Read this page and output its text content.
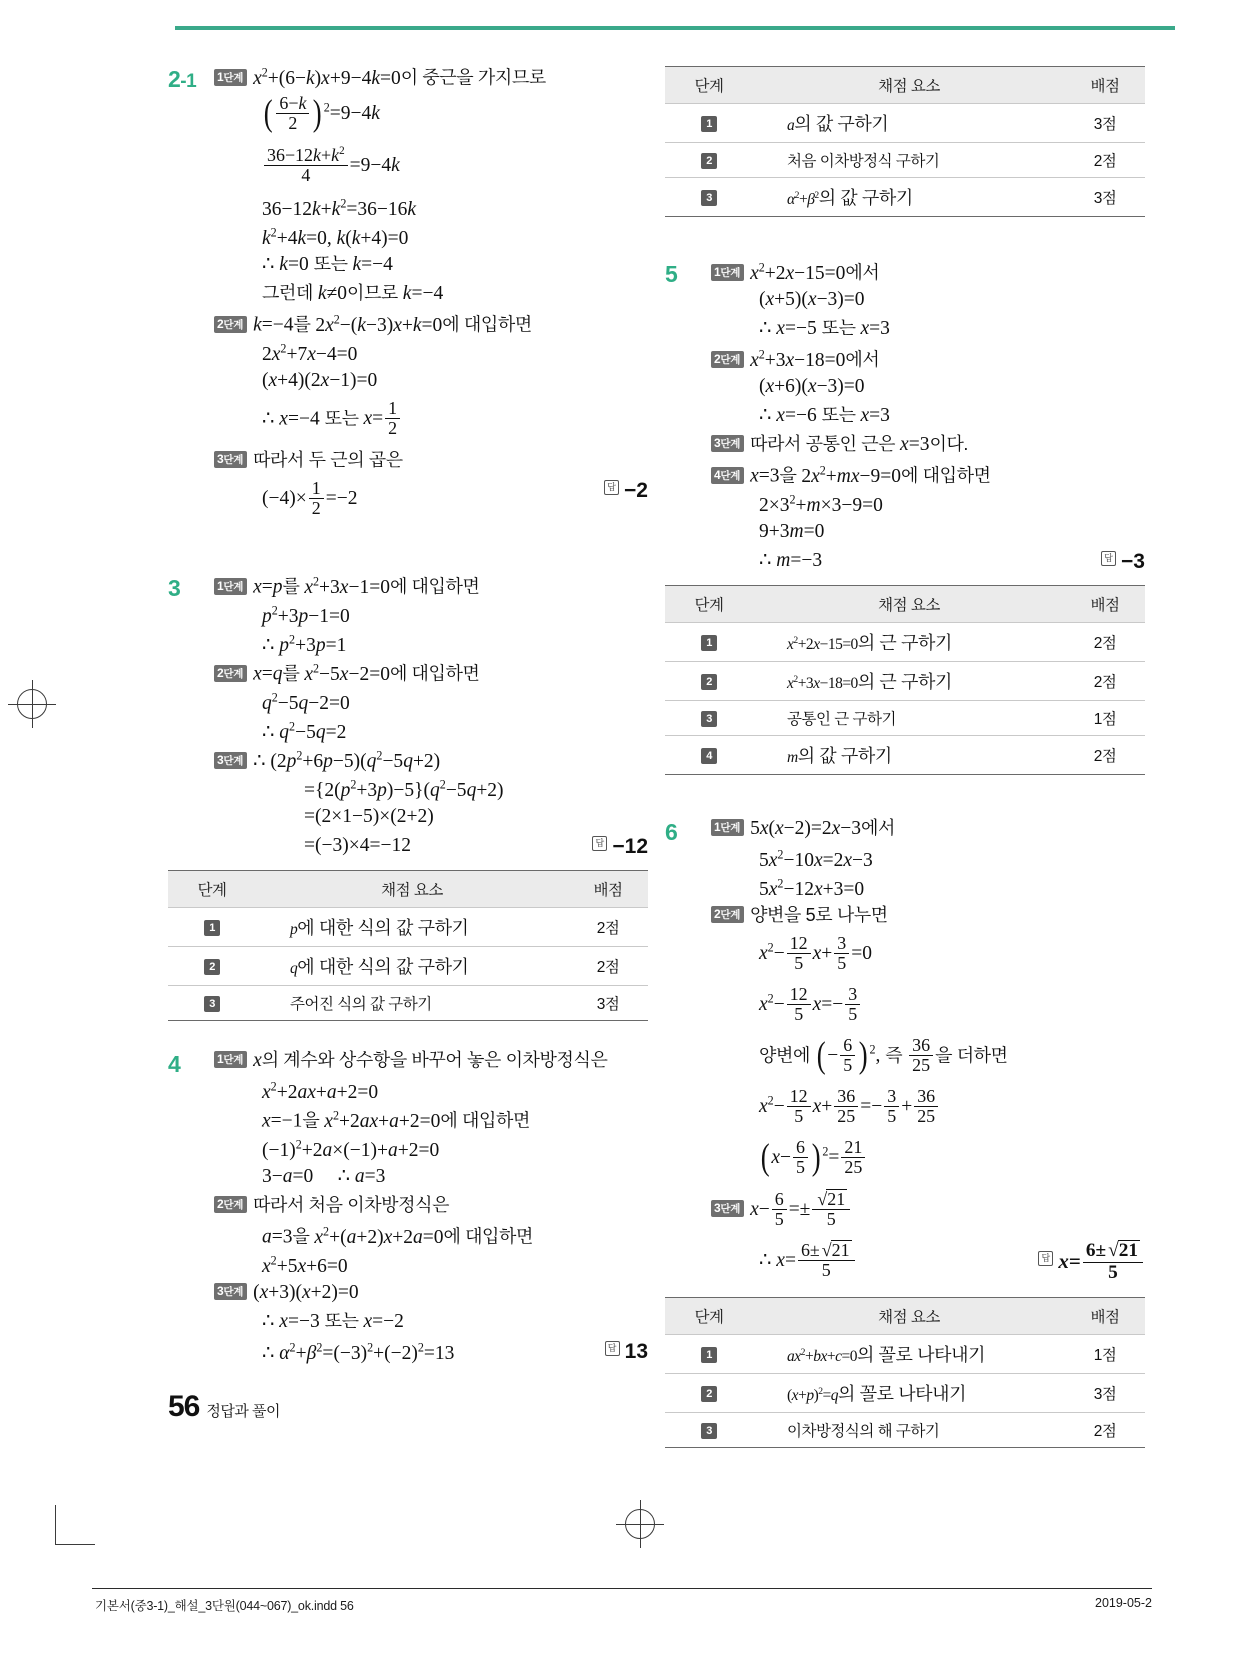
기본서(중3-1)_해설_3단원(044~067)_ok.indd 56	2019-05-2
56 정답과 풀이
2-1 1단계 $x^2+(6-k)x+9-4k=0$이 중근을 가지므로
( $\frac{6-k}{2}$ ) $^2$=9−4k
$\frac{36-12k+k^2}{4} =9-4k$
$36-12k+k^2=36-16k$
$k^2+4k=0$, k(k+4)=0
∴ k=0 또는 k=−4
그런데 k≠0이므로 k=−4
2단계 k=−4를 $2x^2-(k-3)x+k=0$에 대입하면
$2x^2+7x-4=0$
(x+4)(2x−1)=0
∴ x=−4 또는 $x= \frac{1}{2}$
3단계 따라서 두 근의 곱은
$(-4)\times \frac{1}{2} =-2$
답 −2
3	1단계 x=p를 $x^2+3x-1=0$에 대입하면
$p^2+3p-1=0$
∴ $p^2+3p=1$
2단계 x=q를 $x^2-5x-2=0$에 대입하면
$q^2-5q-2=0$
∴ $q^2-5q=2$
3단계 ∴ $(2p^2+6p-5)(q^2-5q+2)$
$=\{2(p^2+3p)-5\}(q^2-5q+2)$
=(2×1−5)×(2+2)
=(−3)×4=−12	답 −12
단계	채점 요소	배점
1	p에 대한 식의 값 구하기	2점
2	q에 대한 식의 값 구하기	2점
3	주어진 식의 값 구하기	3점
4	1단계 x의 계수와 상수항을 바꾸어 놓은 이차방정식은
$x^2+2ax+a+2=0$
x=−1을 $x^2+2ax+a+2=0$에 대입하면
$(-1)^2+2a\times(-1)+a+2=0$
3−a=0     ∴ a=3
2단계 따라서 처음 이차방정식은
a=3을 $x^2+(a+2)x+2a=0$에 대입하면
$x^2+5x+6=0$
3단계 (x+3)(x+2)=0
∴ x=−3 또는 x=−2
∴ $\alpha^2+\beta^2=(-3)^2+(-2)^2=13$	답 13
단계	채점 요소	배점
1	a의 값 구하기	3점
2	처음 이차방정식 구하기	2점
3	$\alpha^2+\beta^2$의 값 구하기	3점
5	1단계 $x^2+2x-15=0$에서
(x+5)(x−3)=0
∴ x=−5 또는 x=3
2단계 $x^2+3x-18=0$에서
(x+6)(x−3)=0
∴ x=−6 또는 x=3
3단계 따라서 공통인 근은 x=3이다.
4단계 x=3을 $2x^2+mx-9=0$에 대입하면
$2\times 3^2+m\times 3-9=0$
9+3m=0
∴ m=−3	답 −3
단계	채점 요소	배점
1	$x^2+2x-15=0$의 근 구하기	2점
2	$x^2+3x-18=0$의 근 구하기	2점
3	공통인 근 구하기	1점
4	m의 값 구하기	2점
6	1단계 5x(x−2)=2x−3에서
$5x^2-10x=2x-3$
$5x^2-12x+3=0$
2단계 양변을 5로 나누면
$x^2- \frac{12}{5} x+ \frac{3}{5} =0$
$x^2- \frac{12}{5} x=- \frac{3}{5}$
양변에 (− $\frac{6}{5}$ ) $^2$, 즉 $\frac{36}{25}$ 을 더하면
$x^2- \frac{12}{5} x+ \frac{36}{25} =- \frac{3}{5} + \frac{36}{25}$
($x- \frac{6}{5}$ ) $^2= \frac{21}{25}$
3단계 $x- \frac{6}{5} =\pm \frac{√21}{5}$
∴ $x= \frac{6\pm √21}{5}$	답 $x= \frac{6\pm √21}{5}$
단계	채점 요소	배점
1	$ax^2+bx+c=0$의 꼴로 나타내기	1점
2	$(x+p)^2=q$의 꼴로 나타내기	3점
3	이차방정식의 해 구하기	2점
